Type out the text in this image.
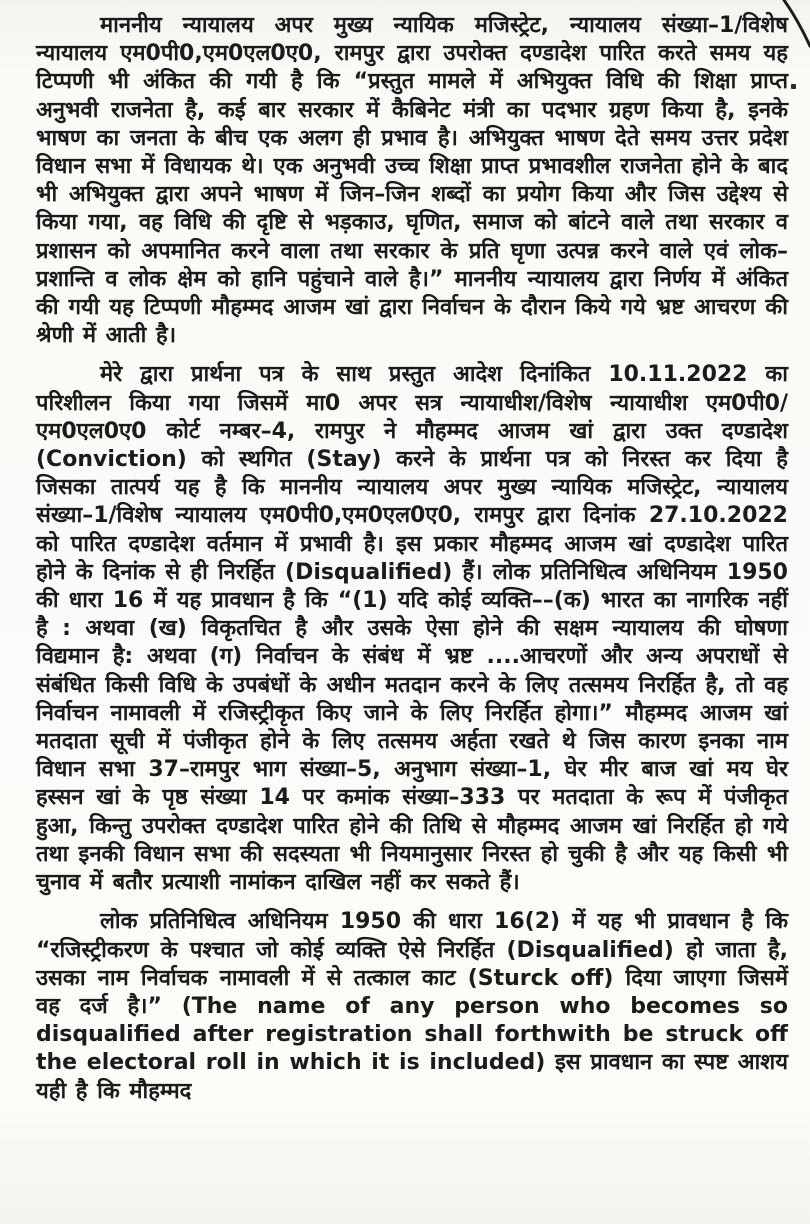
माननीय न्यायालय अपर मुख्य न्यायिक मजिस्ट्रेट, न्यायालय संख्या–1/विशेष न्यायालय एम0पी0,एम0एल0ए0, रामपुर द्वारा उपरोक्त दण्डादेश पारित करते समय यह टिप्पणी भी अंकित की गयी है कि “प्रस्तुत मामले में अभियुक्त विधि की शिक्षा प्राप्त अनुभवी राजनेता है, कई बार सरकार में कैबिनेट मंत्री का पदभार ग्रहण किया है, इनके भाषण का जनता के बीच एक अलग ही प्रभाव है। अभियुक्त भाषण देते समय उत्तर प्रदेश विधान सभा में विधायक थे। एक अनुभवी उच्च शिक्षा प्राप्त प्रभावशील राजनेता होने के बाद भी अभियुक्त द्वारा अपने भाषण में जिन–जिन शब्दों का प्रयोग किया और जिस उद्देश्य से किया गया, वह विधि की दृष्टि से भड़काउ, घृणित, समाज को बांटने वाले तथा सरकार व प्रशासन को अपमानित करने वाला तथा सरकार के प्रति घृणा उत्पन्न करने वाले एवं लोक–प्रशान्ति व लोक क्षेम को हानि पहुंचाने वाले है।” माननीय न्यायालय द्वारा निर्णय में अंकित की गयी यह टिप्पणी मौहम्मद आजम खां द्वारा निर्वाचन के दौरान किये गये भ्रष्ट आचरण की श्रेणी में आती है।

मेरे द्वारा प्रार्थना पत्र के साथ प्रस्तुत आदेश दिनांकित 10.11.2022 का परिशीलन किया गया जिसमें मा0 अपर सत्र न्यायाधीश/विशेष न्यायाधीश एम0पी0/एम0एल0ए0 कोर्ट नम्बर–4, रामपुर ने मौहम्मद आजम खां द्वारा उक्त दण्डादेश (Conviction) को स्थगित (Stay) करने के प्रार्थना पत्र को निरस्त कर दिया है जिसका तात्पर्य यह है कि माननीय न्यायालय अपर मुख्य न्यायिक मजिस्ट्रेट, न्यायालय संख्या–1/विशेष न्यायालय एम0पी0,एम0एल0ए0, रामपुर द्वारा दिनांक 27.10.2022 को पारित दण्डादेश वर्तमान में प्रभावी है। इस प्रकार मौहम्मद आजम खां दण्डादेश पारित होने के दिनांक से ही निरर्हित (Disqualified) हैं। लोक प्रतिनिधित्व अधिनियम 1950 की धारा 16 में यह प्रावधान है कि “(1) यदि कोई व्यक्ति––(क) भारत का नागरिक नहीं है : अथवा (ख) विकृतचित है और उसके ऐसा होने की सक्षम न्यायालय की घोषणा विद्यमान है: अथवा (ग) निर्वाचन के संबंध में भ्रष्ट ....आचरणों और अन्य अपराधों से संबंधित किसी विधि के उपबंधों के अधीन मतदान करने के लिए तत्समय निरर्हित है, तो वह निर्वाचन नामावली में रजिस्ट्रीकृत किए जाने के लिए निरर्हित होगा।” मौहम्मद आजम खां मतदाता सूची में पंजीकृत होने के लिए तत्समय अर्हता रखते थे जिस कारण इनका नाम विधान सभा 37–रामपुर भाग संख्या–5, अनुभाग संख्या–1, घेर मीर बाज खां मय घेर हस्सन खां के पृष्ठ संख्या 14 पर कमांक संख्या–333 पर मतदाता के रूप में पंजीकृत हुआ, किन्तु उपरोक्त दण्डादेश पारित होने की तिथि से मौहम्मद आजम खां निरर्हित हो गये तथा इनकी विधान सभा की सदस्यता भी नियमानुसार निरस्त हो चुकी है और यह किसी भी चुनाव में बतौर प्रत्याशी नामांकन दाखिल नहीं कर सकते हैं।

लोक प्रतिनिधित्व अधिनियम 1950 की धारा 16(2) में यह भी प्रावधान है कि “रजिस्ट्रीकरण के पश्चात जो कोई व्यक्ति ऐसे निरर्हित (Disqualified) हो जाता है, उसका नाम निर्वाचक नामावली में से तत्काल काट (Sturck off) दिया जाएगा जिसमें वह दर्ज है।” (The name of any person who becomes so disqualified after registration shall forthwith be struck off the electoral roll in which it is included) इस प्रावधान का स्पष्ट आशय यही है कि मौहम्मद
